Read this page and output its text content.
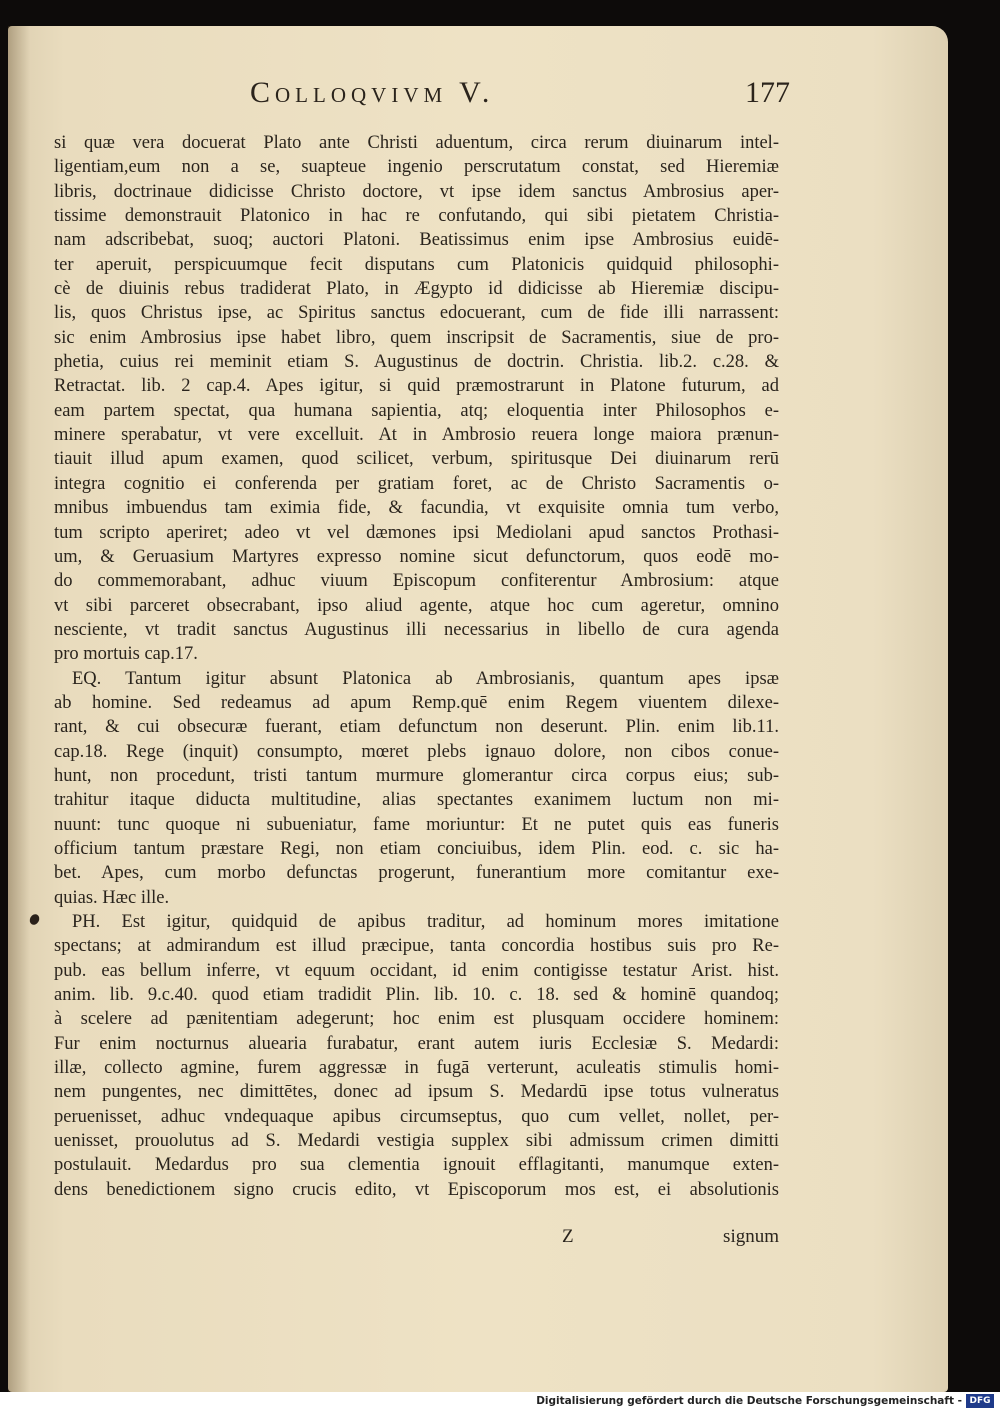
Colloqvivm V.	177
si quæ vera docuerat Plato ante Christi aduentum, circa rerum diuinarum intel-
ligentiam,eum non a se, suapteue ingenio perscrutatum constat, sed Hieremiæ
libris, doctrinaue didicisse Christo doctore, vt ipse idem sanctus Ambrosius aper-
tissime demonstrauit Platonico in hac re confutando, qui sibi pietatem Christia-
nam adscribebat, suoq; auctori Platoni. Beatissimus enim ipse Ambrosius euidē-
ter aperuit, perspicuumque fecit disputans cum Platonicis quidquid philosophi-
cè de diuinis rebus tradiderat Plato, in Ægypto id didicisse ab Hieremiæ discipu-
lis, quos Christus ipse, ac Spiritus sanctus edocuerant, cum de fide illi narrassent:
sic enim Ambrosius ipse habet libro, quem inscripsit de Sacramentis, siue de pro-
phetia, cuius rei meminit etiam S. Augustinus de doctrin. Christia. lib.2. c.28. &
Retractat. lib. 2 cap.4. Apes igitur, si quid præmostrarunt in Platone futurum, ad
eam partem spectat, qua humana sapientia, atq; eloquentia inter Philosophos e-
minere sperabatur, vt vere excelluit. At in Ambrosio reuera longe maiora prænun-
tiauit illud apum examen, quod scilicet, verbum, spiritusque Dei diuinarum rerū
integra cognitio ei conferenda per gratiam foret, ac de Christo Sacramentis o-
mnibus imbuendus tam eximia fide, & facundia, vt exquisite omnia tum verbo,
tum scripto aperiret; adeo vt vel dæmones ipsi Mediolani apud sanctos Prothasi-
um, & Geruasium Martyres expresso nomine sicut defunctorum, quos eodē mo-
do commemorabant, adhuc viuum Episcopum confiterentur Ambrosium: atque
vt sibi parceret obsecrabant, ipso aliud agente, atque hoc cum ageretur, omnino
nesciente, vt tradit sanctus Augustinus illi necessarius in libello de cura agenda
pro mortuis cap.17.
EQ. Tantum igitur absunt Platonica ab Ambrosianis, quantum apes ipsæ
ab homine. Sed redeamus ad apum Remp.quē enim Regem viuentem dilexe-
rant, & cui obsecuræ fuerant, etiam defunctum non deserunt. Plin. enim lib.11.
cap.18. Rege (inquit) consumpto, mœret plebs ignauo dolore, non cibos conue-
hunt, non procedunt, tristi tantum murmure glomerantur circa corpus eius; sub-
trahitur itaque diducta multitudine, alias spectantes exanimem luctum non mi-
nuunt: tunc quoque ni subueniatur, fame moriuntur: Et ne putet quis eas funeris
officium tantum præstare Regi, non etiam conciuibus, idem Plin. eod. c. sic ha-
bet. Apes, cum morbo defunctas progerunt, funerantium more comitantur exe-
quias. Hæc ille.
PH. Est igitur, quidquid de apibus traditur, ad hominum mores imitatione
spectans; at admirandum est illud præcipue, tanta concordia hostibus suis pro Re-
pub. eas bellum inferre, vt equum occidant, id enim contigisse testatur Arist. hist.
anim. lib. 9.c.40. quod etiam tradidit Plin. lib. 10. c. 18. sed & hominē quandoq;
à scelere ad pænitentiam adegerunt; hoc enim est plusquam occidere hominem:
Fur enim nocturnus aluearia furabatur, erant autem iuris Ecclesiæ S. Medardi:
illæ, collecto agmine, furem aggressæ in fugā verterunt, aculeatis stimulis homi-
nem pungentes, nec dimittētes, donec ad ipsum S. Medardū ipse totus vulneratus
peruenisset, adhuc vndequaque apibus circumseptus, quo cum vellet, nollet, per-
uenisset, prouolutus ad S. Medardi vestigia supplex sibi admissum crimen dimitti
postulauit. Medardus pro sua clementia ignouit efflagitanti, manumque exten-
dens benedictionem signo crucis edito, vt Episcoporum mos est, ei absolutionis
Z	signum
Digitalisierung gefördert durch die Deutsche Forschungsgemeinschaft - DFG
